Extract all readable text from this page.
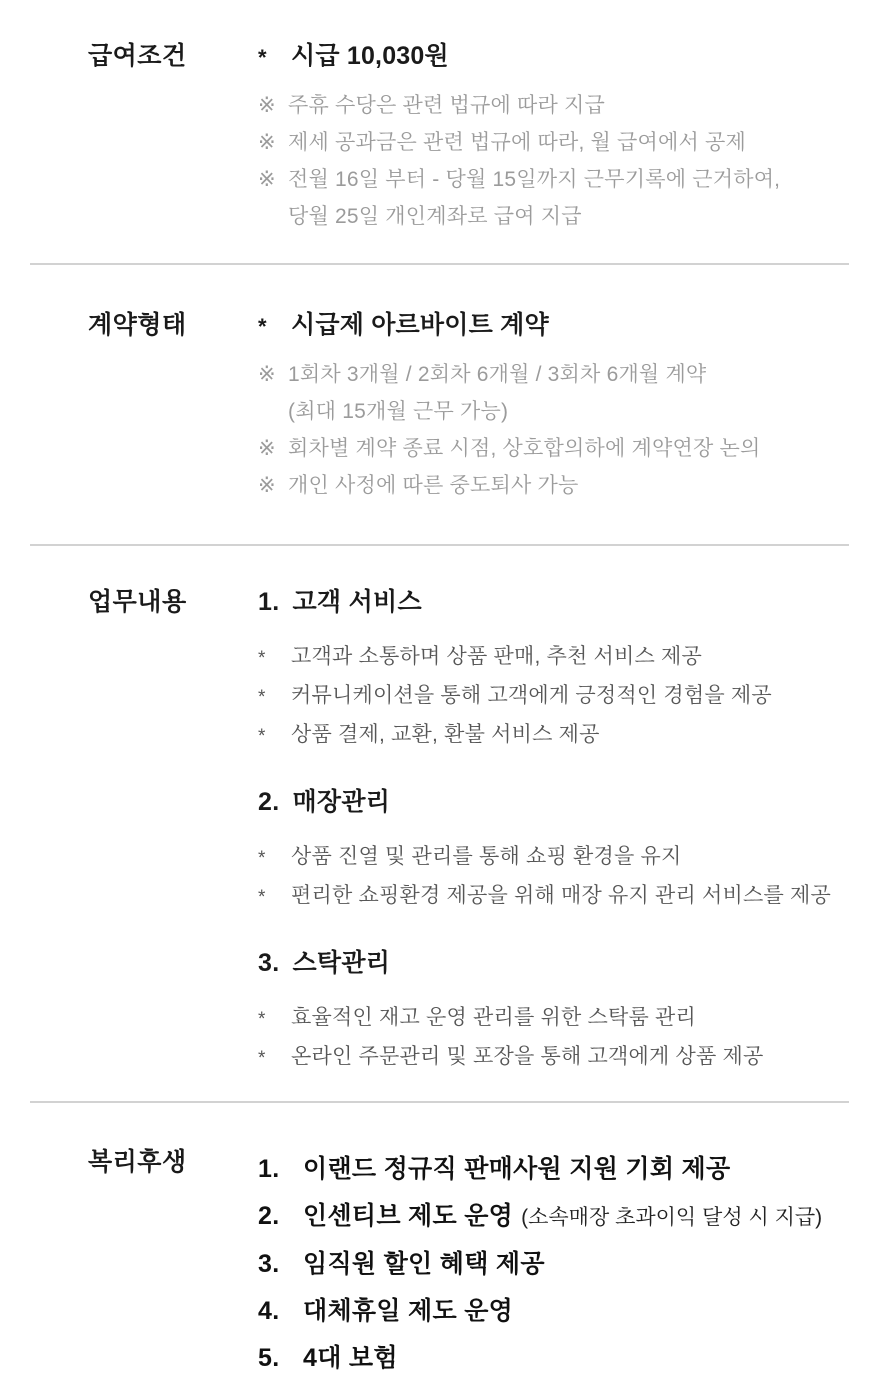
급여조건	* 시급 10,030원
※ 주휴 수당은 관련 법규에 따라 지급
※ 제세 공과금은 관련 법규에 따라, 월 급여에서 공제
※ 전월 16일 부터 - 당월 15일까지 근무기록에 근거하여,
당월 25일 개인계좌로 급여 지급
계약형태	* 시급제 아르바이트 계약
※ 1회차 3개월 / 2회차 6개월 / 3회차 6개월 계약
(최대 15개월 근무 가능)
※ 회차별 계약 종료 시점, 상호합의하에 계약연장 논의
※ 개인 사정에 따른 중도퇴사 가능
업무내용	1. 고객 서비스
*	고객과 소통하며 상품 판매, 추천 서비스 제공
*	커뮤니케이션을 통해 고객에게 긍정적인 경험을 제공
*	상품 결제, 교환, 환불 서비스 제공
2. 매장관리
*	상품 진열 및 관리를 통해 쇼핑 환경을 유지
*	편리한 쇼핑환경 제공을 위해 매장 유지 관리 서비스를 제공
3. 스탁관리
*	효율적인 재고 운영 관리를 위한 스탁룸 관리
*	온라인 주문관리 및 포장을 통해 고객에게 상품 제공
복리후생	1. 이랜드 정규직 판매사원 지원 기회 제공
2. 인센티브 제도 운영 (소속매장 초과이익 달성 시 지급)
3. 임직원 할인 혜택 제공
4. 대체휴일 제도 운영
5. 4대 보험
